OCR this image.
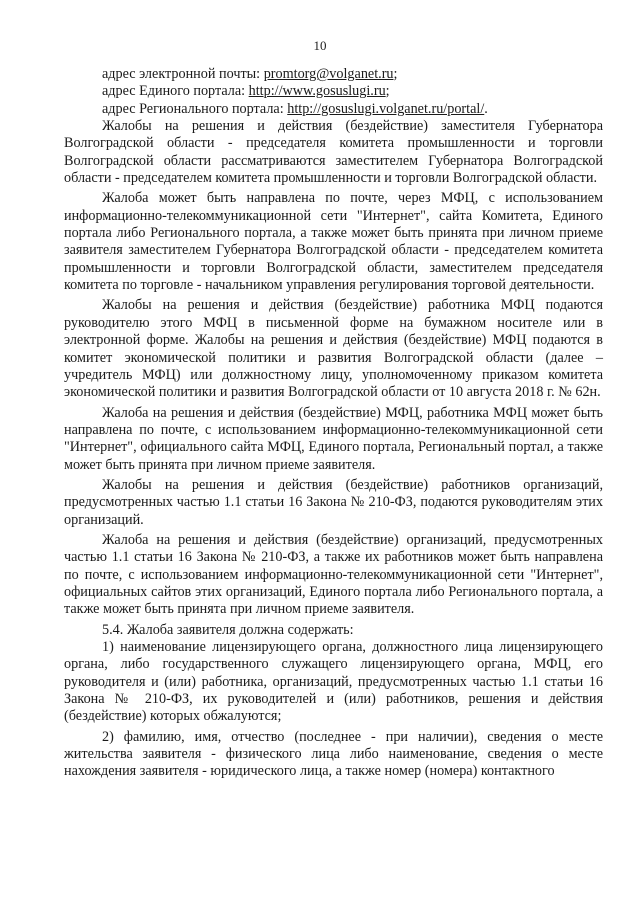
10

адрес электронной почты: promtorg@volganet.ru;

адрес Единого портала: http://www.gosuslugi.ru;

адрес Регионального портала: http://gosuslugi.volganet.ru/portal/.

Жалобы на решения и действия (бездействие) заместителя Губернатора Волгоградской области - председателя комитета промышленности и торговли Волгоградской области рассматриваются заместителем Губернатора Волгоградской области - председателем комитета промышленности и торговли Волгоградской области.

Жалоба может быть направлена по почте, через МФЦ, с использованием информационно-телекоммуникационной сети "Интернет", сайта Комитета, Единого портала либо Регионального портала, а также может быть принята при личном приеме заявителя заместителем Губернатора Волгоградской области - председателем комитета промышленности и торговли Волгоградской области, заместителем председателя комитета по торговле - начальником управления регулирования торговой деятельности.

Жалобы на решения и действия (бездействие) работника МФЦ подаются руководителю этого МФЦ в письменной форме на бумажном носителе или в электронной форме. Жалобы на решения и действия (бездействие) МФЦ подаются в комитет экономической политики и развития Волгоградской области (далее – учредитель МФЦ) или должностному лицу, уполномоченному приказом комитета экономической политики и развития Волгоградской области от 10 августа 2018 г. № 62н.

Жалоба на решения и действия (бездействие) МФЦ, работника МФЦ может быть направлена по почте, с использованием информационно-телекоммуникационной сети "Интернет", официального сайта МФЦ, Единого портала, Региональный портал, а также может быть принята при личном приеме заявителя.

Жалобы на решения и действия (бездействие) работников организаций, предусмотренных частью 1.1 статьи 16 Закона № 210-ФЗ, подаются руководителям этих организаций.

Жалоба на решения и действия (бездействие) организаций, предусмотренных частью 1.1 статьи 16 Закона № 210-ФЗ, а также их работников может быть направлена по почте, с использованием информационно-телекоммуникационной сети "Интернет", официальных сайтов этих организаций, Единого портала либо Регионального портала, а также может быть принята при личном приеме заявителя.

5.4. Жалоба заявителя должна содержать:

1) наименование лицензирующего органа, должностного лица лицензирующего органа, либо государственного служащего лицензирующего органа, МФЦ, его руководителя и (или) работника, организаций, предусмотренных частью 1.1 статьи 16 Закона № 210-ФЗ, их руководителей и (или) работников, решения и действия (бездействие) которых обжалуются;

2) фамилию, имя, отчество (последнее - при наличии), сведения о месте жительства заявителя - физического лица либо наименование, сведения о месте нахождения заявителя - юридического лица, а также номер (номера) контактного
